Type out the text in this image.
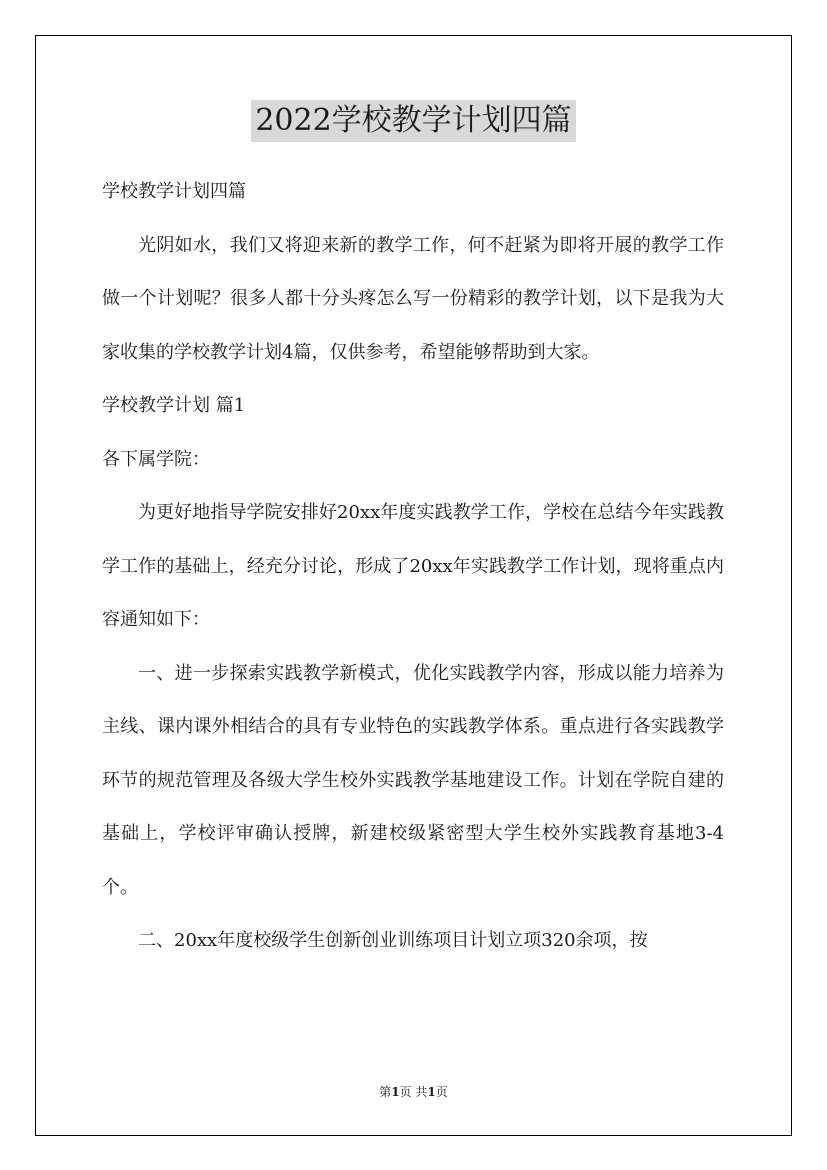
2022学校教学计划四篇

学校教学计划四篇

光阴如水，我们又将迎来新的教学工作，何不赶紧为即将开展的教学工作做一个计划呢？很多人都十分头疼怎么写一份精彩的教学计划，以下是我为大家收集的学校教学计划4篇，仅供参考，希望能够帮助到大家。

学校教学计划 篇1

各下属学院：

为更好地指导学院安排好20xx年度实践教学工作，学校在总结今年实践教学工作的基础上，经充分讨论，形成了20xx年实践教学工作计划，现将重点内容通知如下：

一、进一步探索实践教学新模式，优化实践教学内容，形成以能力培养为主线、课内课外相结合的具有专业特色的实践教学体系。重点进行各实践教学环节的规范管理及各级大学生校外实践教学基地建设工作。计划在学院自建的基础上，学校评审确认授牌，新建校级紧密型大学生校外实践教育基地3-4个。

二、20xx年度校级学生创新创业训练项目计划立项320余项，按

第1页 共1页
